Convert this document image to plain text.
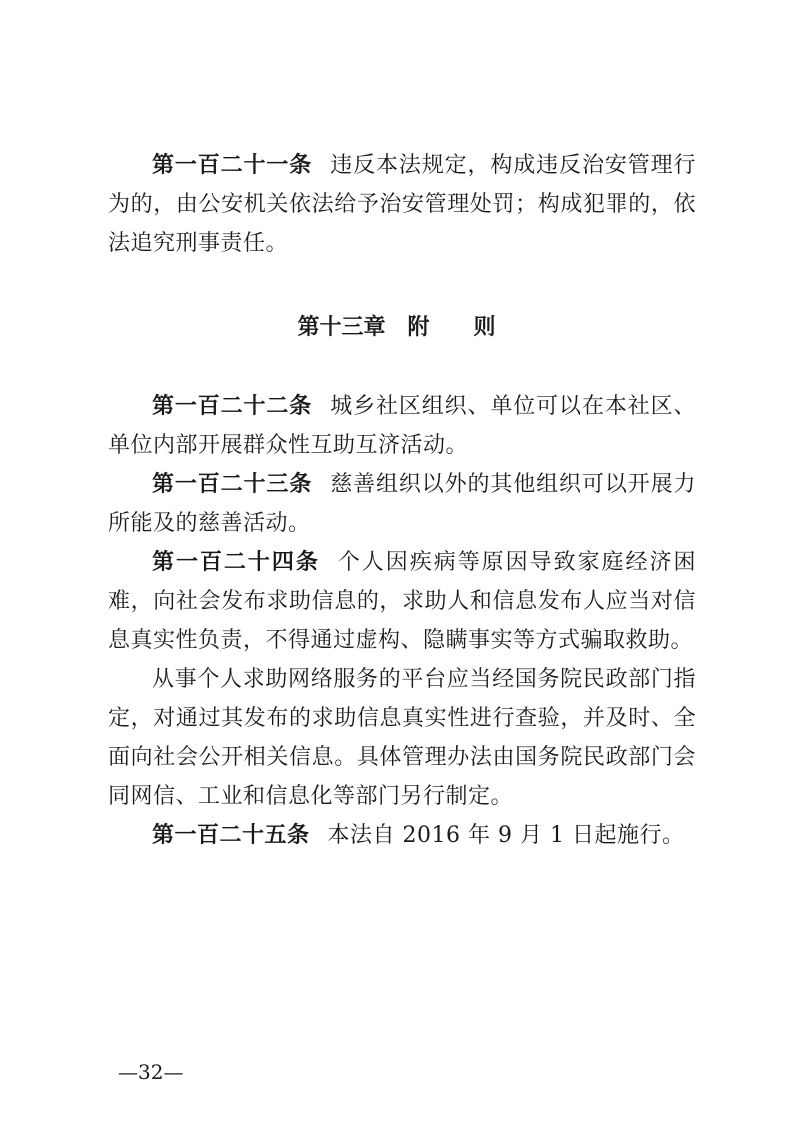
第一百二十一条 违反本法规定，构成违反治安管理行为的，由公安机关依法给予治安管理处罚；构成犯罪的，依法追究刑事责任。

第十三章 附 则

第一百二十二条 城乡社区组织、单位可以在本社区、单位内部开展群众性互助互济活动。

第一百二十三条 慈善组织以外的其他组织可以开展力所能及的慈善活动。

第一百二十四条 个人因疾病等原因导致家庭经济困难，向社会发布求助信息的，求助人和信息发布人应当对信息真实性负责，不得通过虚构、隐瞒事实等方式骗取救助。

从事个人求助网络服务的平台应当经国务院民政部门指定，对通过其发布的求助信息真实性进行查验，并及时、全面向社会公开相关信息。具体管理办法由国务院民政部门会同网信、工业和信息化等部门另行制定。

第一百二十五条 本法自 2016 年 9 月 1 日起施行。

—32—
